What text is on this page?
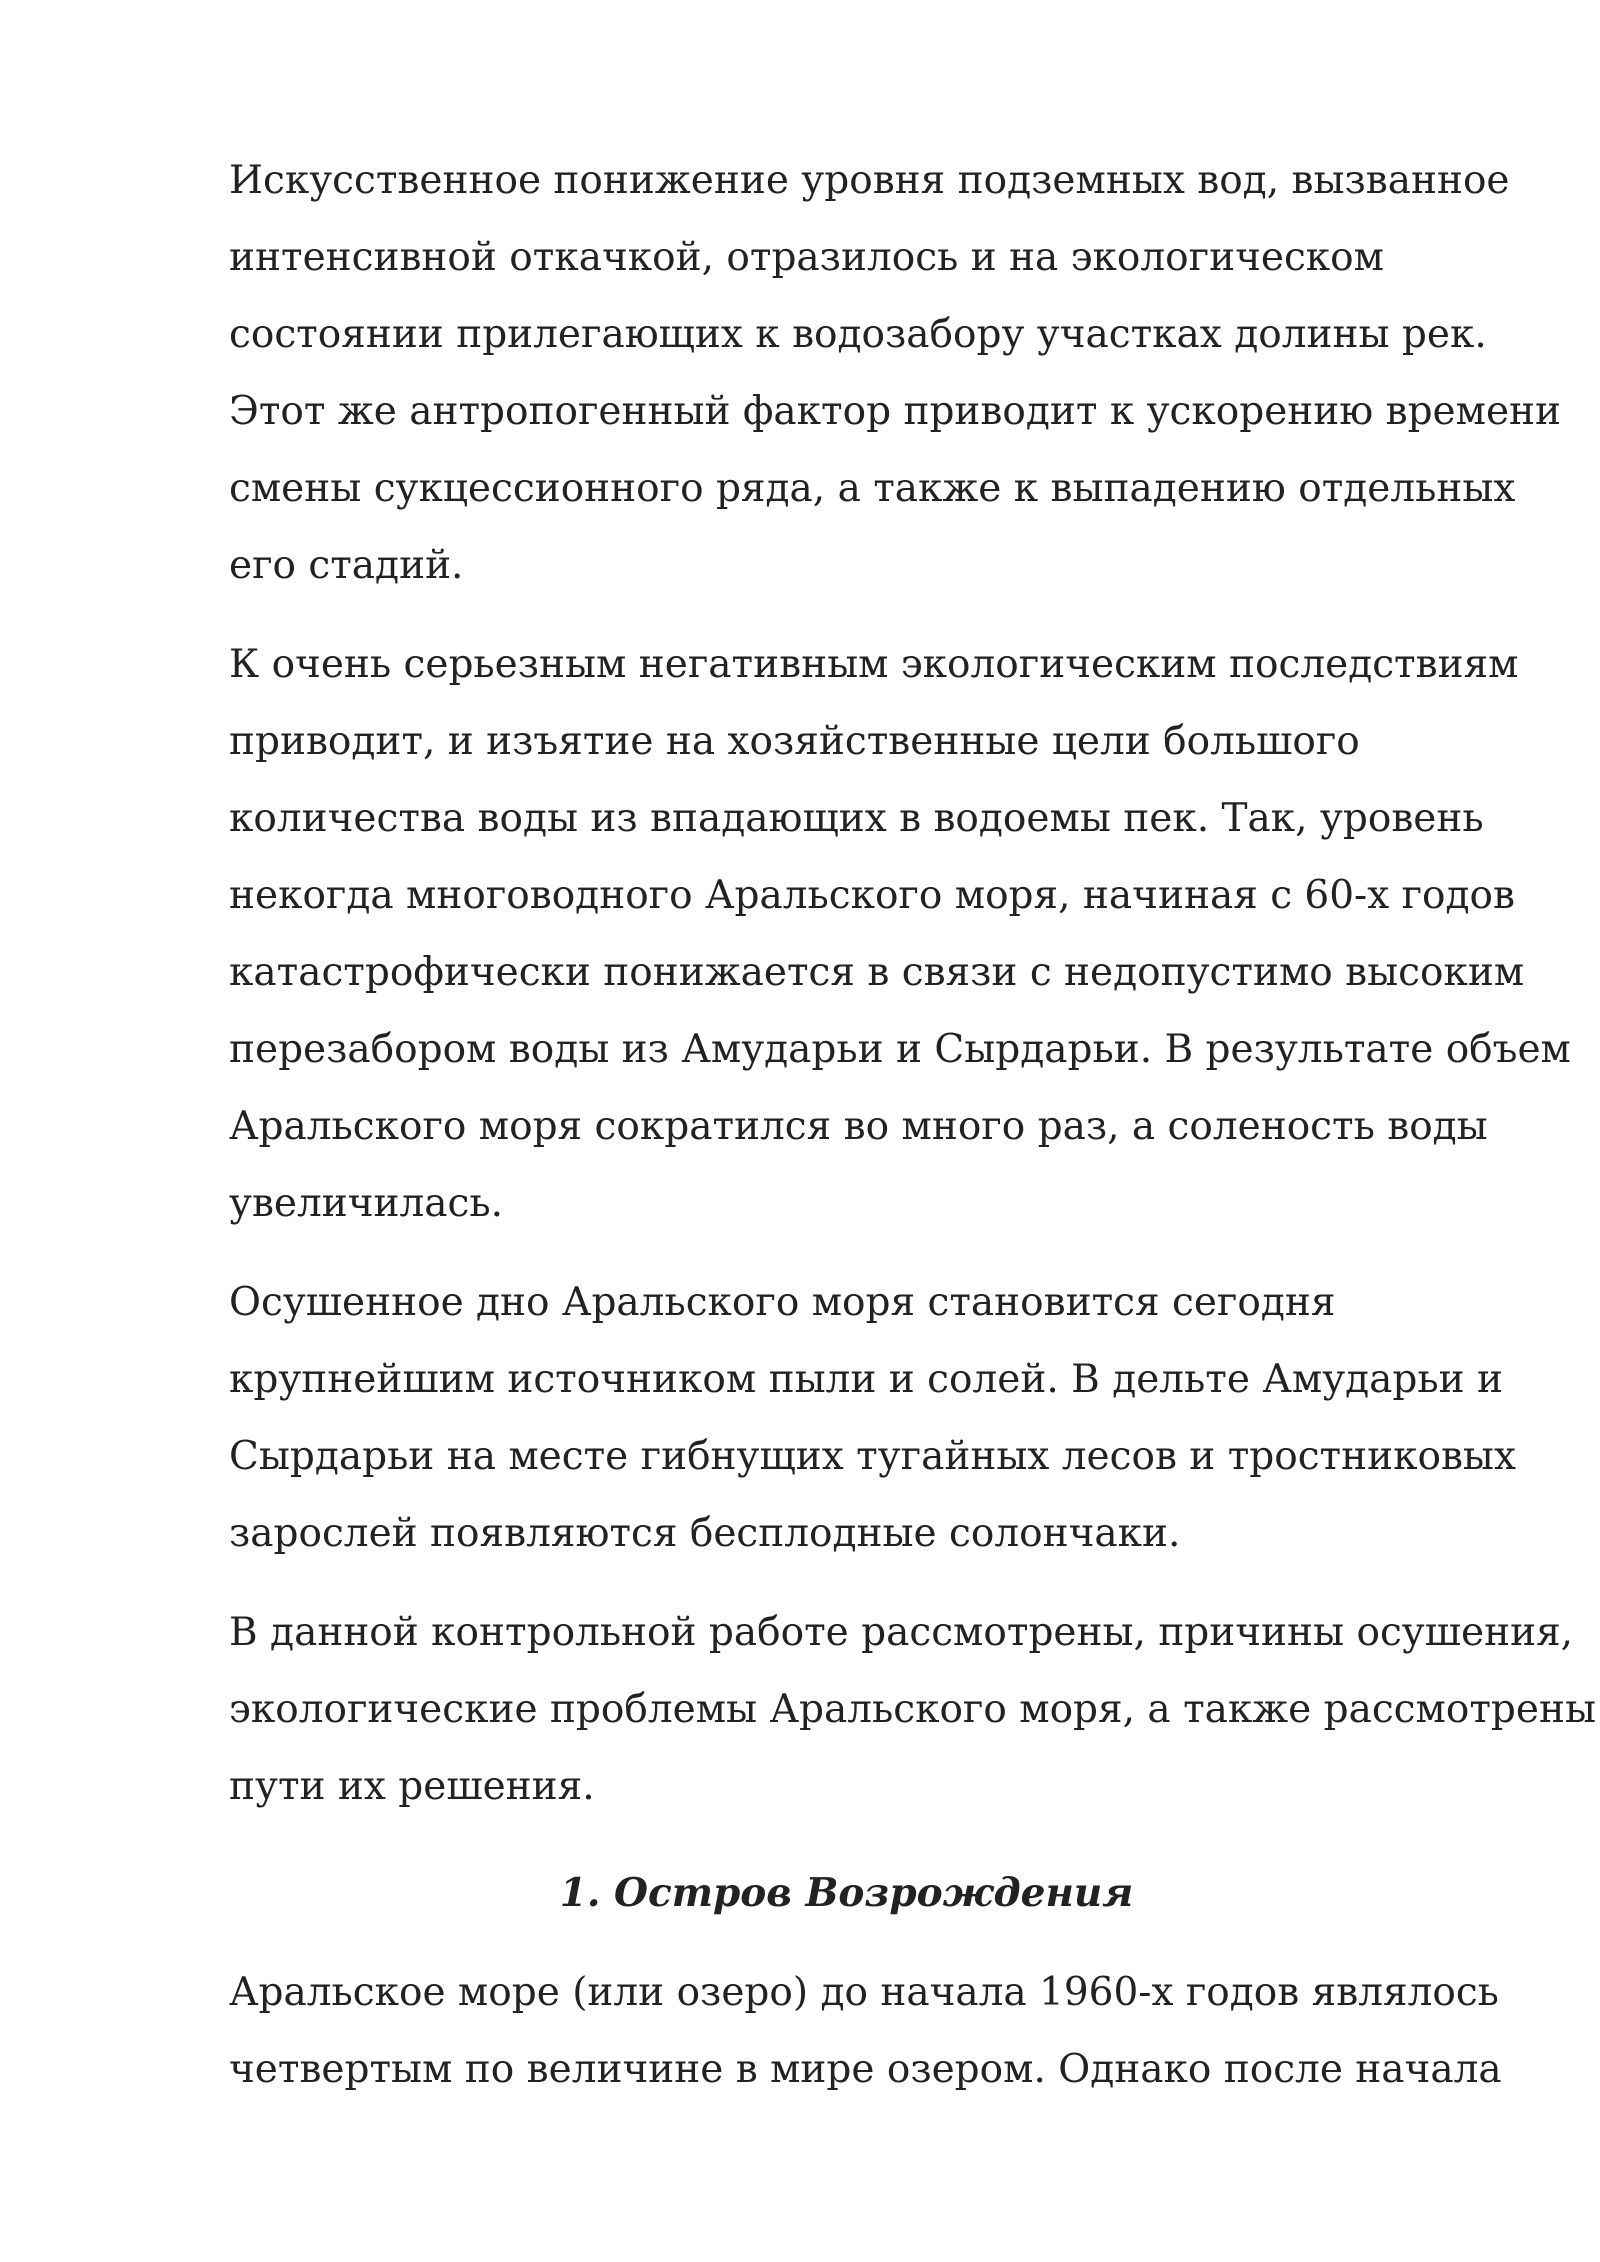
Искусственное понижение уровня подземных вод, вызванное
интенсивной откачкой, отразилось и на экологическом
состоянии прилегающих к водозабору участках долины рек.
Этот же антропогенный фактор приводит к ускорению времени
смены сукцессионного ряда, а также к выпадению отдельных
его стадий.

К очень серьезным негативным экологическим последствиям
приводит, и изъятие на хозяйственные цели большого
количества воды из впадающих в водоемы пек. Так, уровень
некогда многоводного Аральского моря, начиная с 60-х годов
катастрофически понижается в связи с недопустимо высоким
перезабором воды из Амударьи и Сырдарьи. В результате объем
Аральского моря сократился во много раз, а соленость воды
увеличилась.

Осушенное дно Аральского моря становится сегодня
крупнейшим источником пыли и солей. В дельте Амударьи и
Сырдарьи на месте гибнущих тугайных лесов и тростниковых
зарослей появляются бесплодные солончаки.

В данной контрольной работе рассмотрены, причины осушения,
экологические проблемы Аральского моря, а также рассмотрены
пути их решения.

1. Остров Возрождения

Аральское море (или озеро) до начала 1960-х годов являлось
четвертым по величине в мире озером. Однако после начала
